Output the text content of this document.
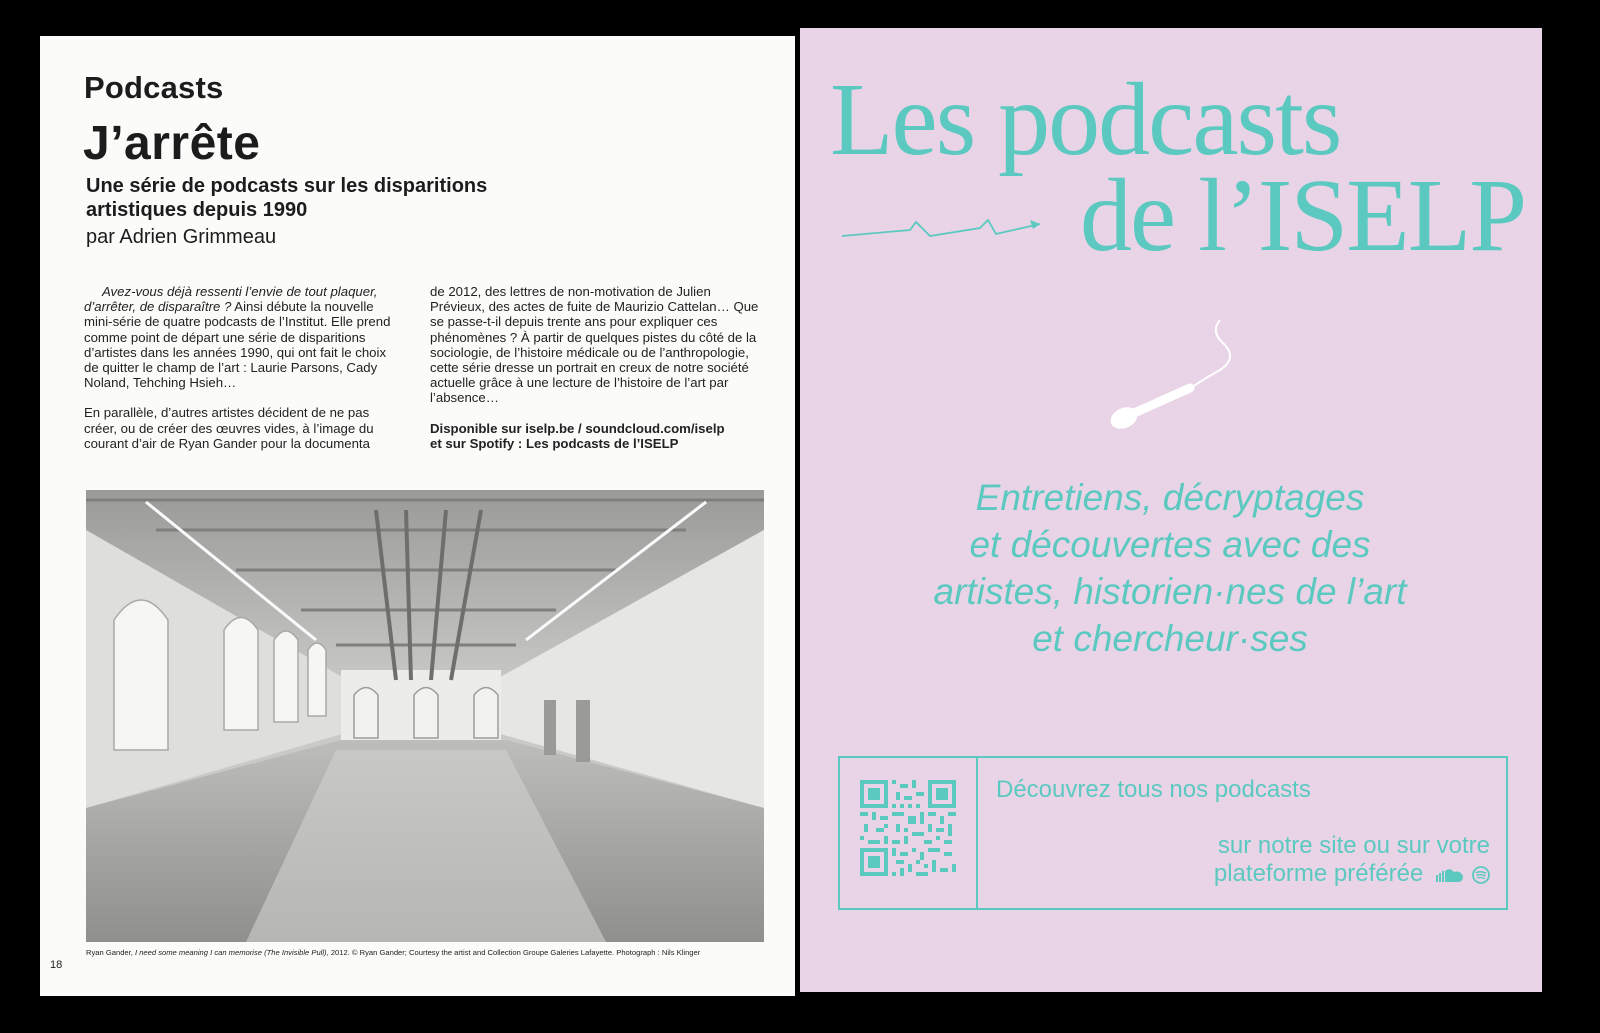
Podcasts
J’arrête
Une série de podcasts sur les disparitions artistiques depuis 1990
par Adrien Grimmeau

Avez-vous déjà ressenti l’envie de tout plaquer, d’arrêter, de disparaître ? Ainsi débute la nouvelle mini-série de quatre podcasts de l’Institut. Elle prend comme point de départ une série de disparitions d’artistes dans les années 1990, qui ont fait le choix de quitter le champ de l’art : Laurie Parsons, Cady Noland, Tehching Hsieh…

En parallèle, d’autres artistes décident de ne pas créer, ou de créer des œuvres vides, à l’image du courant d’air de Ryan Gander pour la documenta

de 2012, des lettres de non-motivation de Julien Prévieux, des actes de fuite de Maurizio Cattelan… Que se passe-t-il depuis trente ans pour expliquer ces phénomènes ? À partir de quelques pistes du côté de la sociologie, de l’histoire médicale ou de l’anthropologie, cette série dresse un portrait en creux de notre société actuelle grâce à une lecture de l’histoire de l’art par l’absence…

Disponible sur iselp.be / soundcloud.com/iselp
et sur Spotify : Les podcasts de l’ISELP

Ryan Gander, I need some meaning I can memorise (The Invisible Pull), 2012. © Ryan Gander; Courtesy the artist and Collection Groupe Galeries Lafayette. Photograph : Nils Klinger
18
Les podcasts
de l’ISELP
Entretiens, décryptages
et découvertes avec des
artistes, historien·nes de l’art
et chercheur·ses
Découvrez tous nos podcasts
sur notre site ou sur votre
plateforme préférée
